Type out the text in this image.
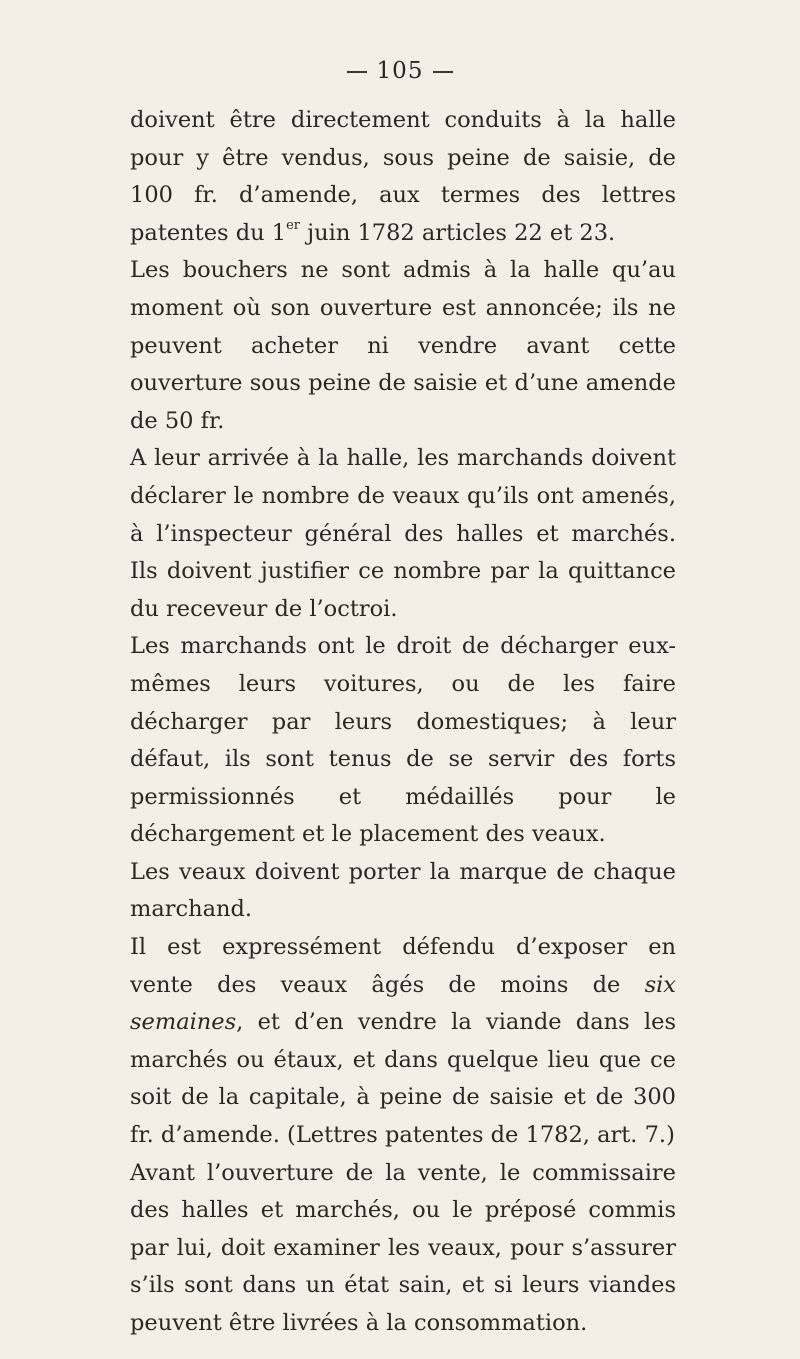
105

doivent être directement conduits à la halle pour y être vendus, sous peine de saisie, de 100 fr. d’amende, aux termes des lettres patentes du 1er juin 1782 articles 22 et 23.

Les bouchers ne sont admis à la halle qu’au moment où son ouverture est annoncée; ils ne peuvent acheter ni vendre avant cette ouverture sous peine de saisie et d’une amende de 50 fr.

A leur arrivée à la halle, les marchands doivent déclarer le nombre de veaux qu’ils ont amenés, à l’inspecteur général des halles et marchés. Ils doivent justifier ce nombre par la quittance du receveur de l’octroi.

Les marchands ont le droit de décharger eux-mêmes leurs voitures, ou de les faire décharger par leurs domestiques; à leur défaut, ils sont tenus de se servir des forts permissionnés et médaillés pour le déchargement et le placement des veaux.

Les veaux doivent porter la marque de chaque marchand.

Il est expressément défendu d’exposer en vente des veaux âgés de moins de six semaines, et d’en vendre la viande dans les marchés ou étaux, et dans quelque lieu que ce soit de la capitale, à peine de saisie et de 300 fr. d’amende. (Lettres patentes de 1782, art. 7.)

Avant l’ouverture de la vente, le commissaire des halles et marchés, ou le préposé commis par lui, doit examiner les veaux, pour s’assurer s’ils sont dans un état sain, et si leurs viandes peuvent être livrées à la consommation.
